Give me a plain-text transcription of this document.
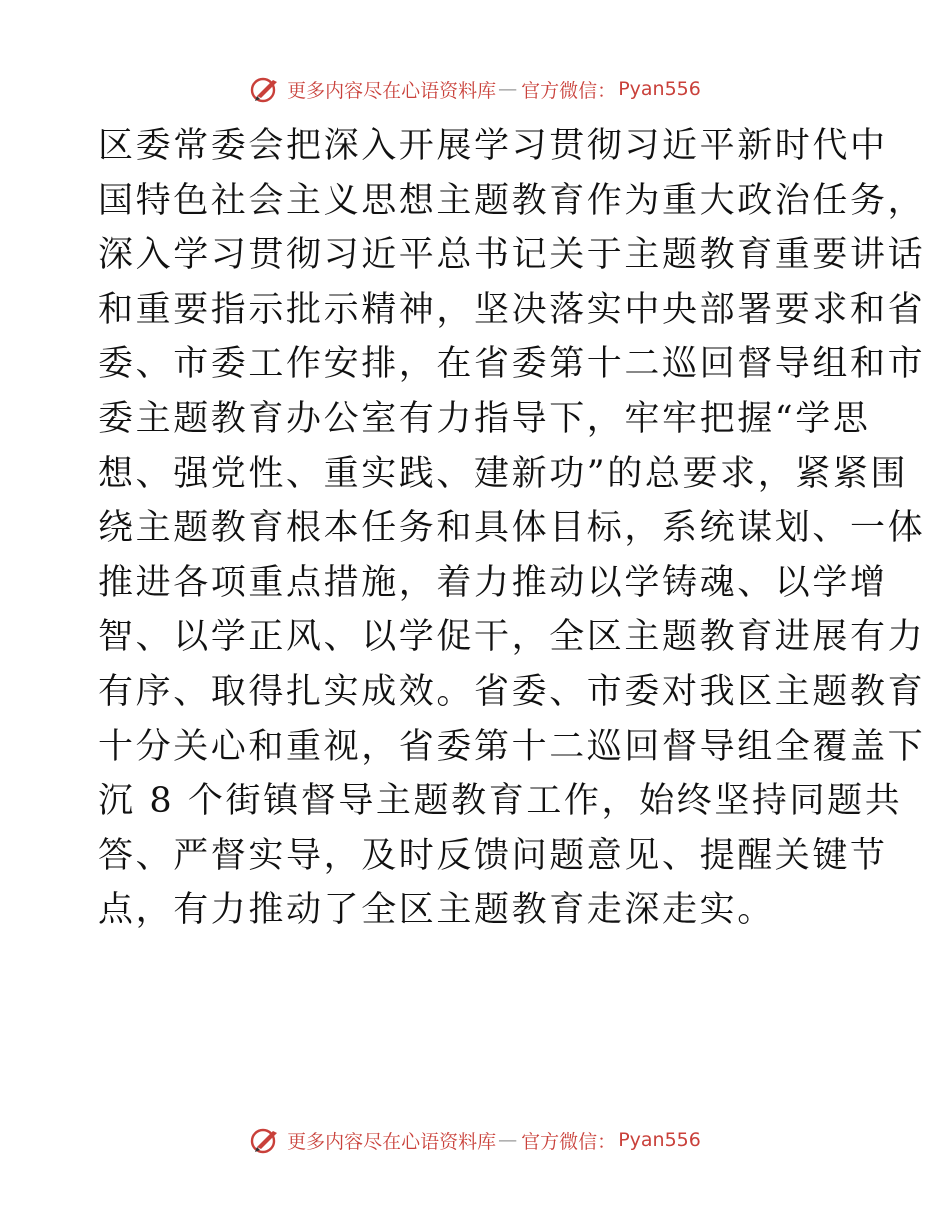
更多内容尽在心语资料库 — 官方微信： Pyan556
区委常委会把深入开展学习贯彻习近平新时代中
国特色社会主义思想主题教育作为重大政治任务，
深入学习贯彻习近平总书记关于主题教育重要讲话
和重要指示批示精神，坚决落实中央部署要求和省
委、市委工作安排，在省委第十二巡回督导组和市
委主题教育办公室有力指导下，牢牢把握“学思
想、强党性、重实践、建新功”的总要求，紧紧围
绕主题教育根本任务和具体目标，系统谋划、一体
推进各项重点措施，着力推动以学铸魂、以学增
智、以学正风、以学促干，全区主题教育进展有力
有序、取得扎实成效。省委、市委对我区主题教育
十分关心和重视，省委第十二巡回督导组全覆盖下
沉 8 个街镇督导主题教育工作，始终坚持同题共
答、严督实导，及时反馈问题意见、提醒关键节
点，有力推动了全区主题教育走深走实。
更多内容尽在心语资料库 — 官方微信： Pyan556
